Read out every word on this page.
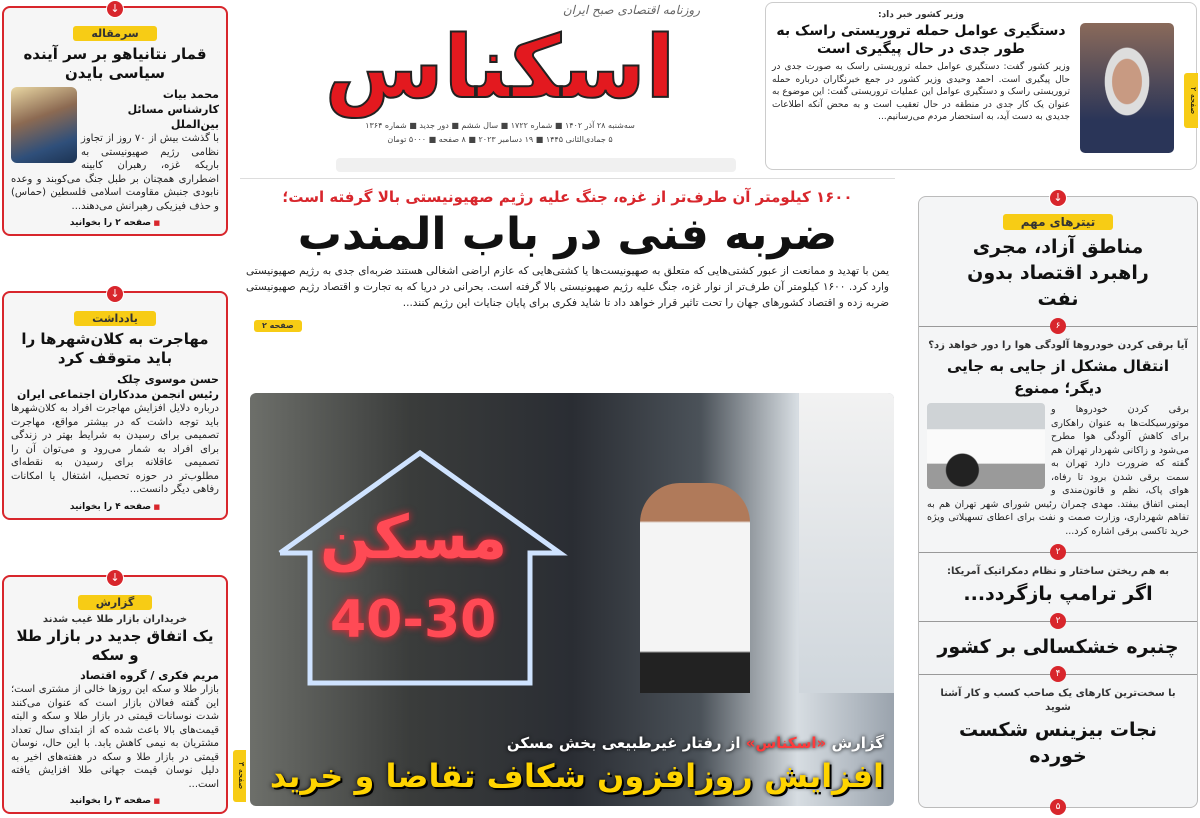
↓
سرمقاله
قمار نتانیاهو بر سر آینده سیاسی بایدن
محمد بیات
کارشناس مسائل بین‌الملل
با گذشت بیش از ۷۰ روز از تجاوز نظامی رژیم صهیونیستی به باریکه غزه، رهبران کابینه اضطراری همچنان بر طبل جنگ می‌کوبند و وعده نابودی جنبش مقاومت اسلامی فلسطین (حماس) و حذف فیزیکی رهبرانش می‌دهند...
■ صفحه ۲ را بخوانید
↓
یادداشت
مهاجرت به کلان‌شهرها را باید متوقف کرد
حسن موسوی چلک
رئیس انجمن مددکاران اجتماعی ایران
درباره دلایل افزایش مهاجرت افراد به کلان‌شهرها باید توجه داشت که در بیشتر مواقع، مهاجرت تصمیمی برای رسیدن به شرایط بهتر در زندگی برای افراد به شمار می‌رود و می‌توان آن را تصمیمی عاقلانه برای رسیدن به نقطه‌ای مطلوب‌تر در حوزه تحصیل، اشتغال یا امکانات رفاهی دیگر دانست...
■ صفحه ۴ را بخوانید
↓
گزارش
خریداران بازار طلا غیب شدند
یک اتفاق جدید در بازار طلا و سکه
مریم فکری / گروه اقتصاد
بازار طلا و سکه این روزها خالی از مشتری است؛ این گفته فعالان بازار است که عنوان می‌کنند شدت نوسانات قیمتی در بازار طلا و سکه و البته قیمت‌های بالا باعث شده که از ابتدای سال تعداد مشتریان به نیمی کاهش یابد. با این حال، نوسان قیمتی در بازار طلا و سکه در هفته‌های اخیر به دلیل نوسان قیمت جهانی طلا افزایش یافته است...
■ صفحه ۳ را بخوانید
روزنامه اقتصادی صبح ایران
اسکناس
سه‌شنبه ۲۸ آذر ۱۴۰۲ ■ شماره ۱۷۲۲ ■ سال ششم ■ دور جدید ■ شماره ۱۳۶۴
۵ جمادی‌الثانی ۱۴۴۵ ■ ۱۹ دسامبر ۲۰۲۳ ■ ۸ صفحه ■ ۵۰۰۰ تومان
صفحه ۲
وزیر کشور خبر داد:
دستگیری عوامل حمله تروریستی راسک به طور جدی در حال پیگیری است
وزیر کشور گفت: دستگیری عوامل حمله تروریستی راسک به صورت جدی در حال پیگیری است. احمد وحیدی وزیر کشور در جمع خبرنگاران درباره حمله تروریستی راسک و دستگیری عوامل این عملیات تروریستی گفت: این موضوع به عنوان یک کار جدی در منطقه در حال تعقیب است و به محض آنکه اطلاعات جدیدی به دست آید، به استحضار مردم می‌رسانیم...
۱۶۰۰ کیلومتر آن طرف‌تر از غزه، جنگ علیه رژیم صهیونیستی بالا گرفته است؛
ضربه فنی در باب المندب
یمن با تهدید و ممانعت از عبور کشتی‌هایی که متعلق به صهیونیست‌ها یا کشتی‌هایی که عازم اراضی اشغالی هستند ضربه‌ای جدی به رژیم صهیونیستی وارد کرد. ۱۶۰۰ کیلومتر آن طرف‌تر از نوار غزه، جنگ علیه رژیم صهیونیستی بالا گرفته است. بحرانی در دریا که به تجارت و اقتصاد رژیم صهیونیستی ضربه زده و اقتصاد کشورهای جهان را تحت تاثیر قرار خواهد داد تا شاید فکری برای پایان جنایات این رژیم کنند...
صفحه ۲
مسکن
40-30
گزارش «اسکناس» از رفتار غیرطبیعی بخش مسکن
افزایش روزافزون شکاف تقاضا و خرید
صفحه ۳
↓
تیترهای مهم
مناطق آزاد، مجری راهبرد اقتصاد بدون نفت
۶
آیا برقی کردن خودروها آلودگی هوا را دور خواهد زد؟
انتقال مشکل از جایی به جایی دیگر؛ ممنوع
برقی کردن خودروها و موتورسیکلت‌ها به عنوان راهکاری برای کاهش آلودگی هوا مطرح می‌شود و زاکانی شهردار تهران هم گفته که ضرورت دارد تهران به سمت برقی شدن برود تا رفاه، هوای پاک، نظم و قانون‌مندی و ایمنی اتفاق بیفتد. مهدی چمران رئیس شورای شهر تهران هم به تفاهم شهرداری، وزارت صمت و نفت برای اعطای تسهیلاتی ویژه خرید تاکسی برقی اشاره کرد...
۲
به هم ریختن ساختار و نظام دمکراتیک آمریکا:
اگر ترامپ بازگردد...
۲
چنبره خشکسالی بر کشور
۴
با سخت‌ترین کارهای یک صاحب کسب و کار آشنا شوید
نجات بیزینس شکست خورده
۵
